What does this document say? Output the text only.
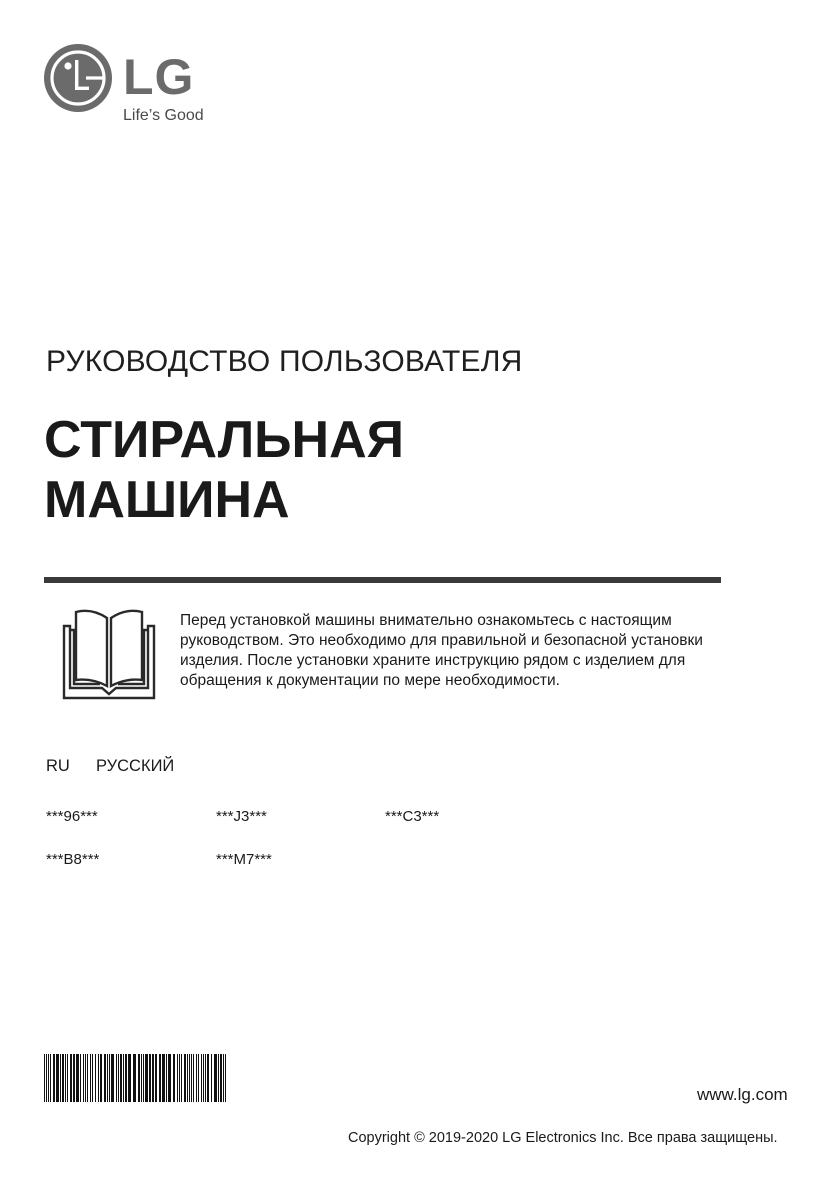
LG
Life’s Good
РУКОВОДСТВО ПОЛЬЗОВАТЕЛЯ
СТИРАЛЬНАЯ
МАШИНА
Перед установкой машины внимательно ознакомьтесь с настоящим
руководством. Это необходимо для правильной и безопасной установки
изделия. После установки храните инструкцию рядом с изделием для
обращения к документации по мере необходимости.
RU РУССКИЙ
***96***	***J3***	***C3***
***B8***	***M7***
www.lg.com
Copyright © 2019-2020 LG Electronics Inc. Все права защищены.
